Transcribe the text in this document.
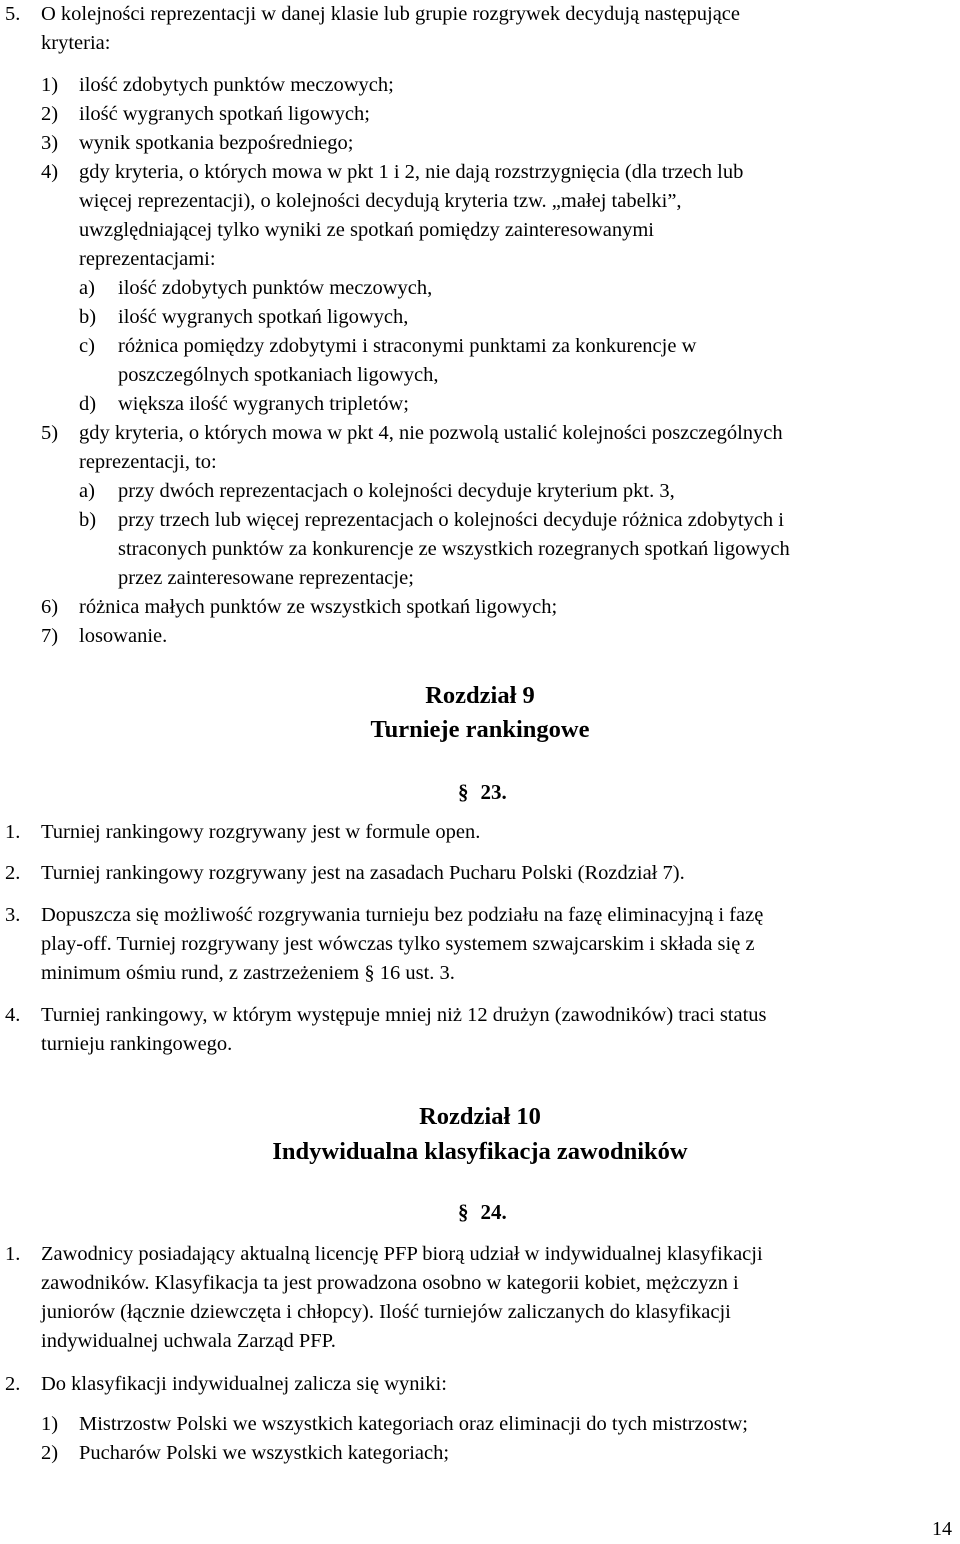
5. O kolejności reprezentacji w danej klasie lub grupie rozgrywek decydują następujące
kryteria:
1) ilość zdobytych punktów meczowych;
2) ilość wygranych spotkań ligowych;
3) wynik spotkania bezpośredniego;
4) gdy kryteria, o których mowa w pkt 1 i 2, nie dają rozstrzygnięcia (dla trzech lub
więcej reprezentacji), o kolejności decydują kryteria tzw. „małej tabelki”,
uwzględniającej tylko wyniki ze spotkań pomiędzy zainteresowanymi
reprezentacjami:
a) ilość zdobytych punktów meczowych,
b) ilość wygranych spotkań ligowych,
c) różnica pomiędzy zdobytymi i straconymi punktami za konkurencje w
poszczególnych spotkaniach ligowych,
d) większa ilość wygranych tripletów;
5) gdy kryteria, o których mowa w pkt 4, nie pozwolą ustalić kolejności poszczególnych
reprezentacji, to:
a) przy dwóch reprezentacjach o kolejności decyduje kryterium pkt. 3,
b) przy trzech lub więcej reprezentacjach o kolejności decyduje różnica zdobytych i
straconych punktów za konkurencje ze wszystkich rozegranych spotkań ligowych
przez zainteresowane reprezentacje;
6) różnica małych punktów ze wszystkich spotkań ligowych;
7) losowanie.
Rozdział 9
Turnieje rankingowe
§ 23.
1. Turniej rankingowy rozgrywany jest w formule open.
2. Turniej rankingowy rozgrywany jest na zasadach Pucharu Polski (Rozdział 7).
3. Dopuszcza się możliwość rozgrywania turnieju bez podziału na fazę eliminacyjną i fazę
play-off. Turniej rozgrywany jest wówczas tylko systemem szwajcarskim i składa się z
minimum ośmiu rund, z zastrzeżeniem § 16 ust. 3.
4. Turniej rankingowy, w którym występuje mniej niż 12 drużyn (zawodników) traci status
turnieju rankingowego.
Rozdział 10
Indywidualna klasyfikacja zawodników
§ 24.
1. Zawodnicy posiadający aktualną licencję PFP biorą udział w indywidualnej klasyfikacji
zawodników. Klasyfikacja ta jest prowadzona osobno w kategorii kobiet, mężczyzn i
juniorów (łącznie dziewczęta i chłopcy). Ilość turniejów zaliczanych do klasyfikacji
indywidualnej uchwala Zarząd PFP.
2. Do klasyfikacji indywidualnej zalicza się wyniki:
1) Mistrzostw Polski we wszystkich kategoriach oraz eliminacji do tych mistrzostw;
2) Pucharów Polski we wszystkich kategoriach;
14
